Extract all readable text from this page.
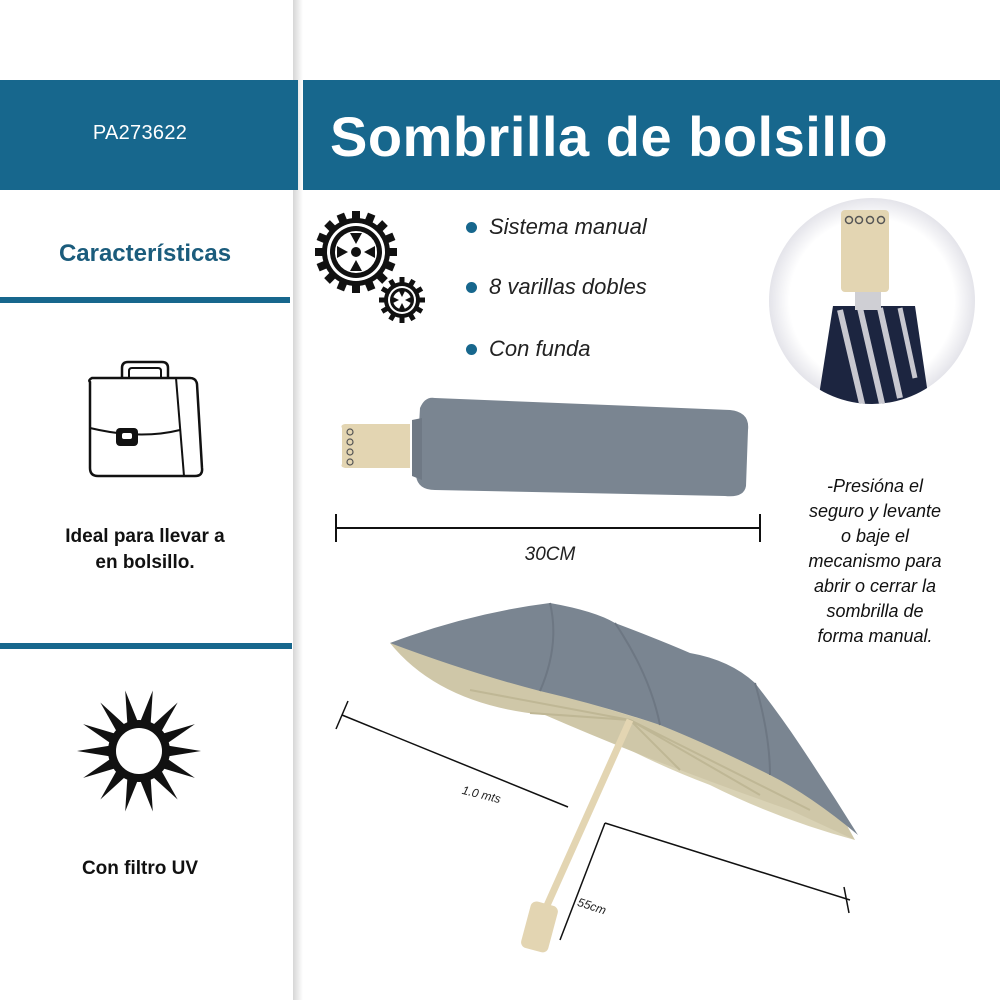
PA273622	Sombrilla de bolsillo
Características
Ideal para llevar a
en bolsillo.
Con filtro UV
Sistema manual
8 varillas dobles
Con funda
30CM
-Presióna el
seguro y levante
o baje el
mecanismo para
abrir o cerrar la
sombrilla de
forma manual.
1.0 mts
55cm
